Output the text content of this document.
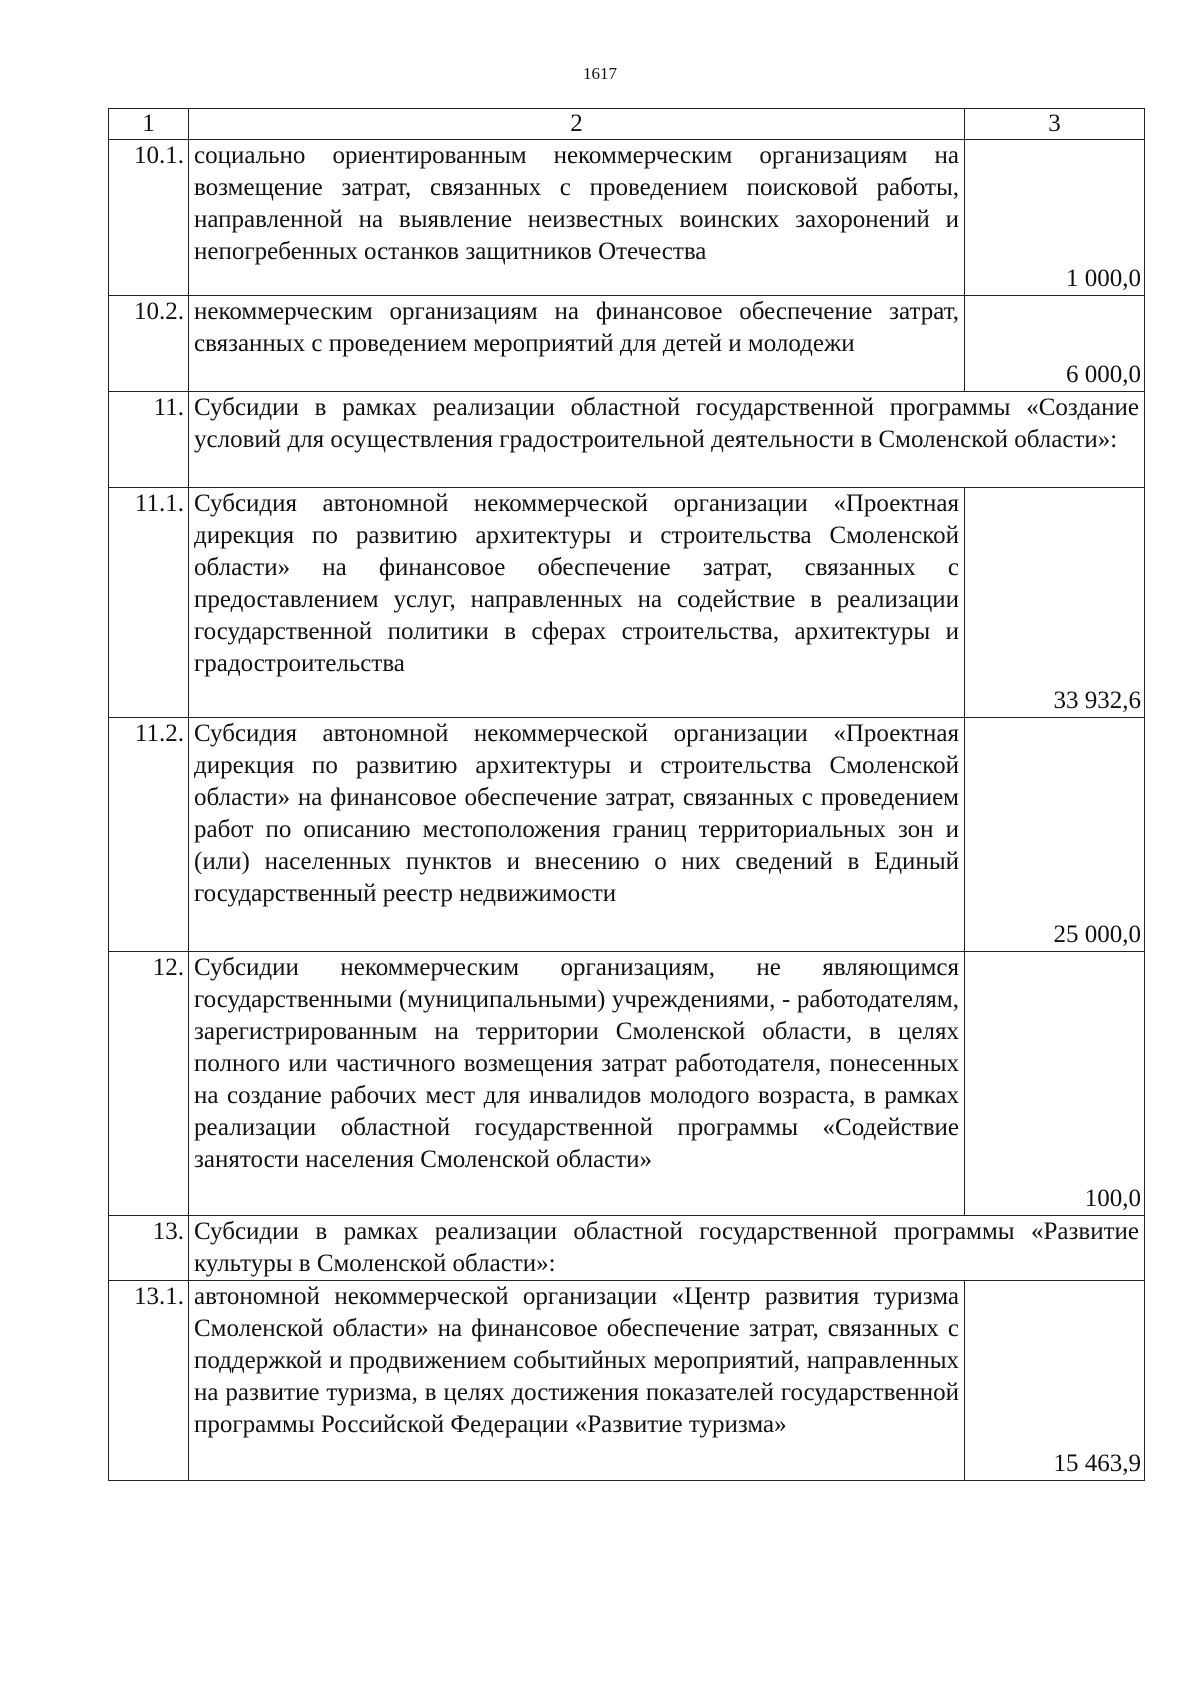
1617
1	2	3
10.1.	социально ориентированным некоммерческим организациям на возмещение затрат, связанных с проведением поисковой работы, направленной на выявление неизвестных воинских захоронений и непогребенных останков защитников Отечества	1 000,0
10.2.	некоммерческим организациям на финансовое обеспечение затрат, связанных с проведением мероприятий для детей и молодежи	6 000,0
11.	Субсидии в рамках реализации областной государственной программы «Создание условий для осуществления градостроительной деятельности в Смоленской области»:	
11.1.	Субсидия автономной некоммерческой организации «Проектная дирекция по развитию архитектуры и строительства Смоленской области» на финансовое обеспечение затрат, связанных с предоставлением услуг, направленных на содействие в реализации государственной политики в сферах строительства, архитектуры и градостроительства	33 932,6
11.2.	Субсидия автономной некоммерческой организации «Проектная дирекция по развитию архитектуры и строительства Смоленской области» на финансовое обеспечение затрат, связанных с проведением работ по описанию местоположения границ территориальных зон и (или) населенных пунктов и внесению о них сведений в Единый государственный реестр недвижимости	25 000,0
12.	Субсидии некоммерческим организациям, не являющимся государственными (муниципальными) учреждениями, - работодателям, зарегистрированным на территории Смоленской области, в целях полного или частичного возмещения затрат работодателя, понесенных на создание рабочих мест для инвалидов молодого возраста, в рамках реализации областной государственной программы «Содействие занятости населения Смоленской области»	100,0
13.	Субсидии в рамках реализации областной государственной программы «Развитие культуры в Смоленской области»:	
13.1.	автономной некоммерческой организации «Центр развития туризма Смоленской области» на финансовое обеспечение затрат, связанных с поддержкой и продвижением событийных мероприятий, направленных на развитие туризма, в целях достижения показателей государственной программы Российской Федерации «Развитие туризма»	15 463,9
